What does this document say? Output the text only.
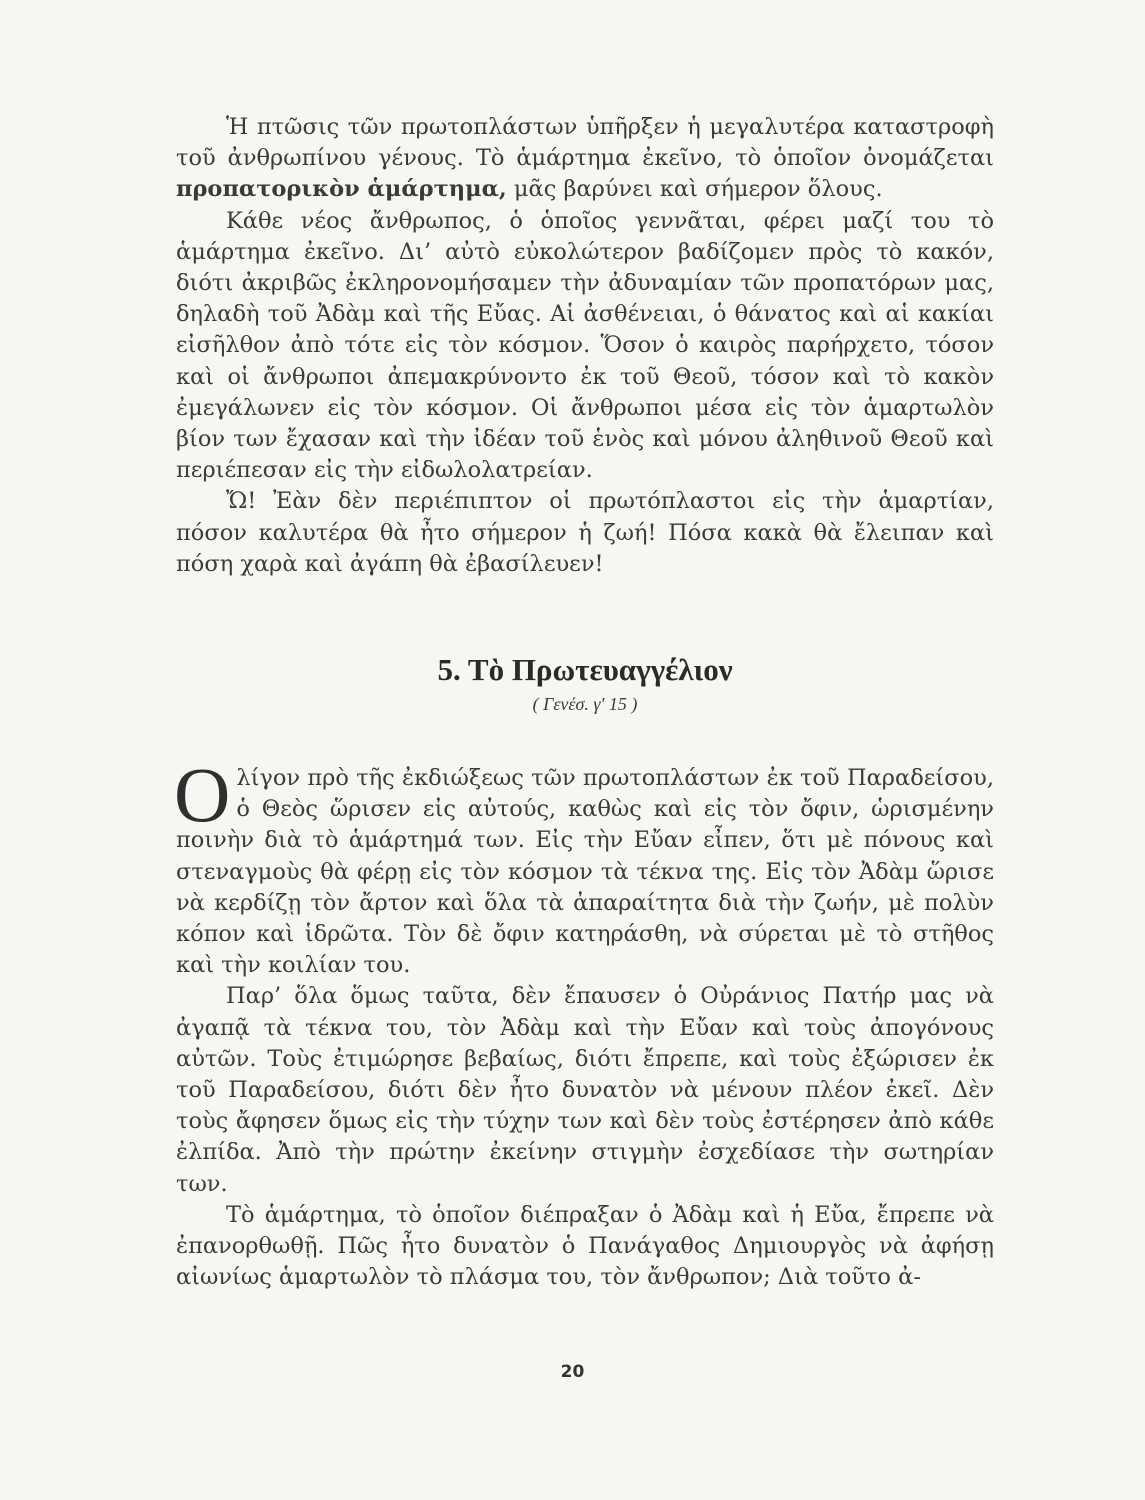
Ἡ πτῶσις τῶν πρωτοπλάστων ὑπῆρξεν ἡ μεγαλυτέρα καταστροφὴ τοῦ ἀνθρωπίνου γένους. Τὸ ἁμάρτημα ἐκεῖνο, τὸ ὁποῖον ὀνομάζεται προπατορικὸν ἁμάρτημα, μᾶς βαρύνει καὶ σήμερον ὅλους.

Κάθε νέος ἄνθρωπος, ὁ ὁποῖος γεννᾶται, φέρει μαζί του τὸ ἁμάρτημα ἐκεῖνο. Δι’ αὐτὸ εὐκολώτερον βαδίζομεν πρὸς τὸ κακόν, διότι ἀκριβῶς ἐκληρονομήσαμεν τὴν ἀδυναμίαν τῶν προπατόρων μας, δηλαδὴ τοῦ Ἀδὰμ καὶ τῆς Εὔας. Αἱ ἀσθένειαι, ὁ θάνατος καὶ αἱ κακίαι εἰσῆλθον ἀπὸ τότε εἰς τὸν κόσμον. Ὅσον ὁ καιρὸς παρήρχετο, τόσον καὶ οἱ ἄνθρωποι ἀπεμακρύνοντο ἐκ τοῦ Θεοῦ, τόσον καὶ τὸ κακὸν ἐμεγάλωνεν εἰς τὸν κόσμον. Οἱ ἄνθρωποι μέσα εἰς τὸν ἁμαρτωλὸν βίον των ἔχασαν καὶ τὴν ἰδέαν τοῦ ἑνὸς καὶ μόνου ἀληθινοῦ Θεοῦ καὶ περιέπεσαν εἰς τὴν εἰδωλολατρείαν.

Ὤ! Ἐὰν δὲν περιέπιπτον οἱ πρωτόπλαστοι εἰς τὴν ἁμαρτίαν, πόσον καλυτέρα θὰ ἦτο σήμερον ἡ ζωή! Πόσα κακὰ θὰ ἔλειπαν καὶ πόση χαρὰ καὶ ἀγάπη θὰ ἐβασίλευεν!

5. Τὸ Πρωτευαγγέλιον
( Γενέσ. γ′ 15 )

Ολίγον πρὸ τῆς ἐκδιώξεως τῶν πρωτοπλάστων ἐκ τοῦ Παραδείσου, ὁ Θεὸς ὥρισεν εἰς αὐτούς, καθὼς καὶ εἰς τὸν ὄφιν, ὡρισμένην ποινὴν διὰ τὸ ἁμάρτημά των. Εἰς τὴν Εὔαν εἶπεν, ὅτι μὲ πόνους καὶ στεναγμοὺς θὰ φέρῃ εἰς τὸν κόσμον τὰ τέκνα της. Εἰς τὸν Ἀδὰμ ὥρισε νὰ κερδίζῃ τὸν ἄρτον καὶ ὅλα τὰ ἀπαραίτητα διὰ τὴν ζωήν, μὲ πολὺν κόπον καὶ ἱδρῶτα. Τὸν δὲ ὄφιν κατηράσθη, νὰ σύρεται μὲ τὸ στῆθος καὶ τὴν κοιλίαν του.

Παρ’ ὅλα ὅμως ταῦτα, δὲν ἔπαυσεν ὁ Οὐράνιος Πατήρ μας νὰ ἀγαπᾷ τὰ τέκνα του, τὸν Ἀδὰμ καὶ τὴν Εὔαν καὶ τοὺς ἀπογόνους αὐτῶν. Τοὺς ἐτιμώρησε βεβαίως, διότι ἔπρεπε, καὶ τοὺς ἐξώρισεν ἐκ τοῦ Παραδείσου, διότι δὲν ἦτο δυνατὸν νὰ μένουν πλέον ἐκεῖ. Δὲν τοὺς ἄφησεν ὅμως εἰς τὴν τύχην των καὶ δὲν τοὺς ἐστέρησεν ἀπὸ κάθε ἐλπίδα. Ἀπὸ τὴν πρώτην ἐκείνην στιγμὴν ἐσχεδίασε τὴν σωτηρίαν των.

Τὸ ἁμάρτημα, τὸ ὁποῖον διέπραξαν ὁ Ἀδὰμ καὶ ἡ Εὔα, ἔπρεπε νὰ ἐπανορθωθῇ. Πῶς ἦτο δυνατὸν ὁ Πανάγαθος Δημιουργὸς νὰ ἀφήσῃ αἰωνίως ἁμαρτωλὸν τὸ πλάσμα του, τὸν ἄνθρωπον; Διὰ τοῦτο ἀ-

20
